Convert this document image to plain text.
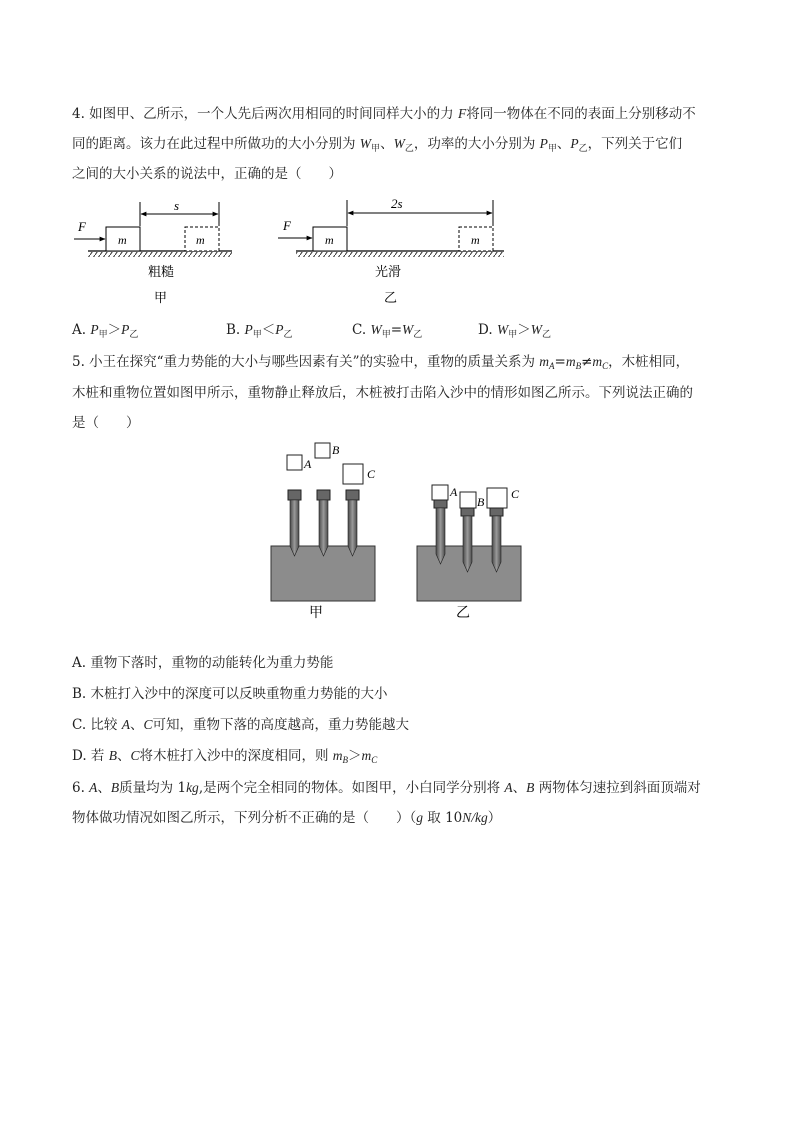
4. 如图甲、乙所示，一个人先后两次用相同的时间同样大小的力 F将同一物体在不同的表面上分别移动不
同的距离。该力在此过程中所做功的大小分别为 $W_甲$、$W_乙$，功率的大小分别为 $P_甲$、$P_乙$，下列关于它们
之间的大小关系的说法中，正确的是（　　）
m	m
F
s
粗糙
甲
m	m
F
2s
光滑
乙
A. $P_甲>P_乙$	B. $P_甲<P_乙$	C. $W_甲=W_乙$	D. $W_甲>W_乙$
5. 小王在探究“重力势能的大小与哪些因素有关”的实验中，重物的质量关系为 $m_A=m_B\ne m_C$，木桩相同，
木桩和重物位置如图甲所示，重物静止释放后，木桩被打击陷入沙中的情形如图乙所示。下列说法正确的
是（　　）
A
B
C
甲
A
B
C
乙
A. 重物下落时，重物的动能转化为重力势能
B. 木桩打入沙中的深度可以反映重物重力势能的大小
C. 比较 A、C可知，重物下落的高度越高，重力势能越大
D. 若 B、C将木桩打入沙中的深度相同，则 $m_B>m_C$
6. A、B质量均为 1kg,是两个完全相同的物体。如图甲，小白同学分别将 A、B 两物体匀速拉到斜面顶端对
物体做功情况如图乙所示，下列分析不正确的是（　　）（g 取 10N/kg）
